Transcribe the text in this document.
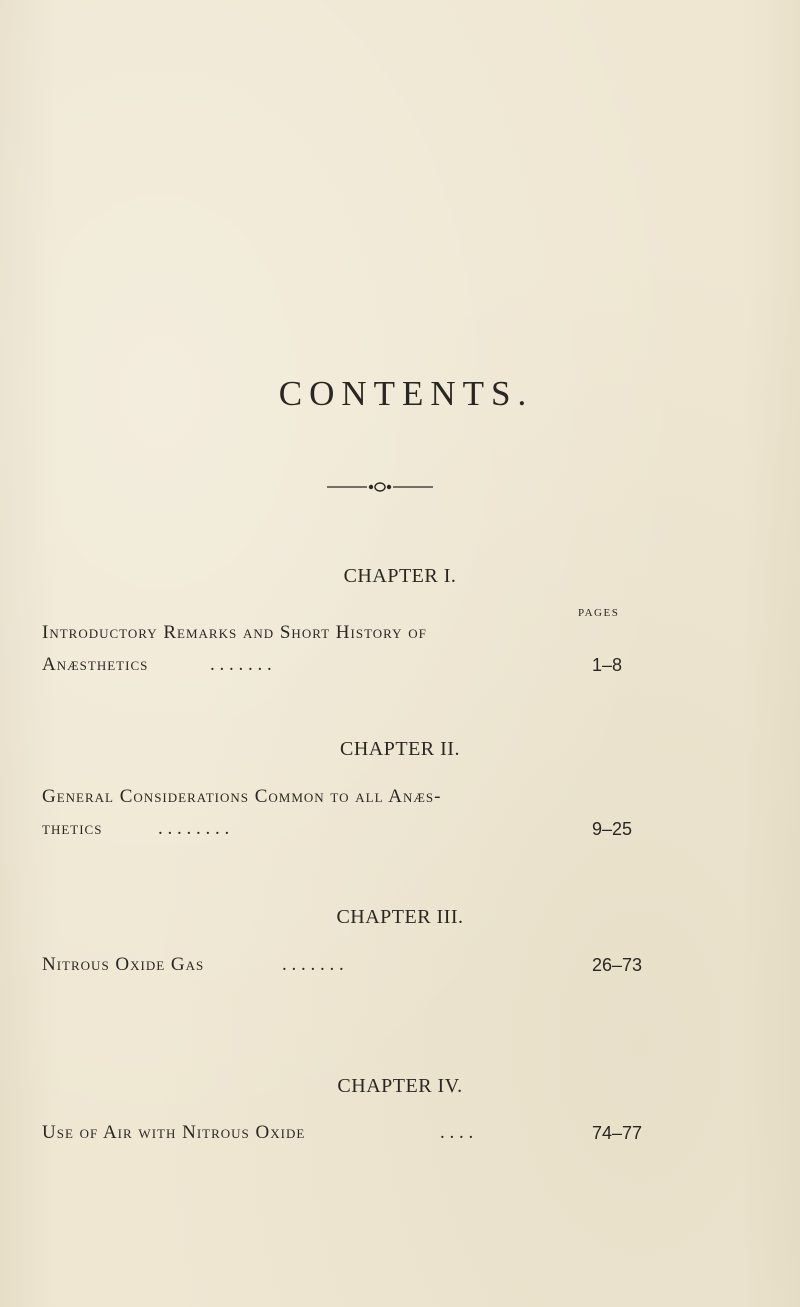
CONTENTS.
CHAPTER I.
PAGES
Introductory Remarks and Short History of
Anæsthetics	. . . . . . .	1–8
CHAPTER II.
General Considerations Common to all Anæs-
thetics	. . . . . . . .	9–25
CHAPTER III.
Nitrous Oxide Gas	. . . . . . .	26–73
CHAPTER IV.
Use of Air with Nitrous Oxide	. . . .	74–77
